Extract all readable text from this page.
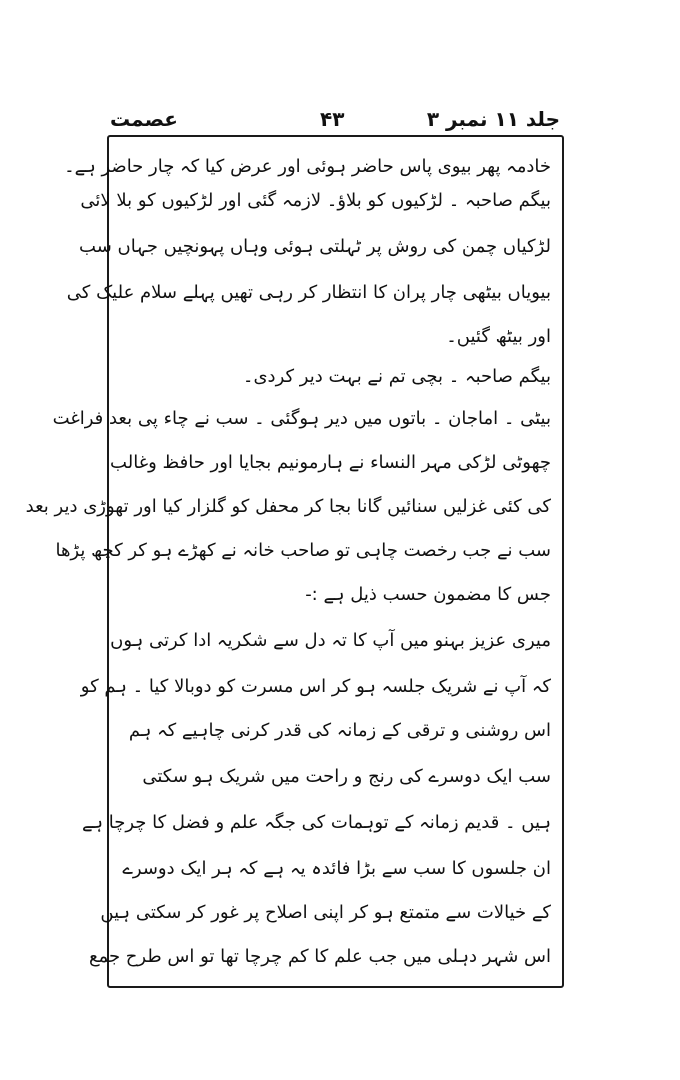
عصمت	۴۳	جلد ۱۱ نمبر ۳
خادمہ پھر بیوی پاس حاضر ہوئی اور عرض کیا کہ چار حاضر ہے۔
بیگم صاحبہ ۔ لڑکیوں کو بلاؤ۔ لازمہ گئی اور لڑکیوں کو بلا لائی
لڑکیاں چمن کی روش پر ٹہلتی ہوئی وہاں پہونچیں جہاں سب
بیویاں بیٹھی چار پران کا انتظار کر رہی تھیں پہلے سلام علیک کی
اور بیٹھ گئیں۔
بیگم صاحبہ ۔ بچی تم نے بہت دیر کردی۔
بیٹی ۔ اماجان ۔ باتوں میں دیر ہوگئی ۔ سب نے چاء پی بعد فراغت
چھوٹی لڑکی مہر النساء نے ہارمونیم بجایا اور حافظ وغالب
کی کئی غزلیں سنائیں گانا بجا کر محفل کو گلزار کیا اور تھوڑی دیر بعد
سب نے جب رخصت چاہی تو صاحب خانہ نے کھڑے ہو کر کچھ پڑھا
جس کا مضمون حسب ذیل ہے :-
میری عزیز بہنو میں آپ کا تہ دل سے شکریہ ادا کرتی ہوں
کہ آپ نے شریک جلسہ ہو کر اس مسرت کو دوبالا کیا ۔ ہم کو
اس روشنی و ترقی کے زمانہ کی قدر کرنی چاہیے کہ ہم
سب ایک دوسرے کی رنج و راحت میں شریک ہو سکتی
ہیں ۔ قدیم زمانہ کے توہمات کی جگہ علم و فضل کا چرچا ہے
ان جلسوں کا سب سے بڑا فائدہ یہ ہے کہ ہر ایک دوسرے
کے خیالات سے متمتع ہو کر اپنی اصلاح پر غور کر سکتی ہیں
اس شہر دہلی میں جب علم کا کم چرچا تھا تو اس طرح جمع
